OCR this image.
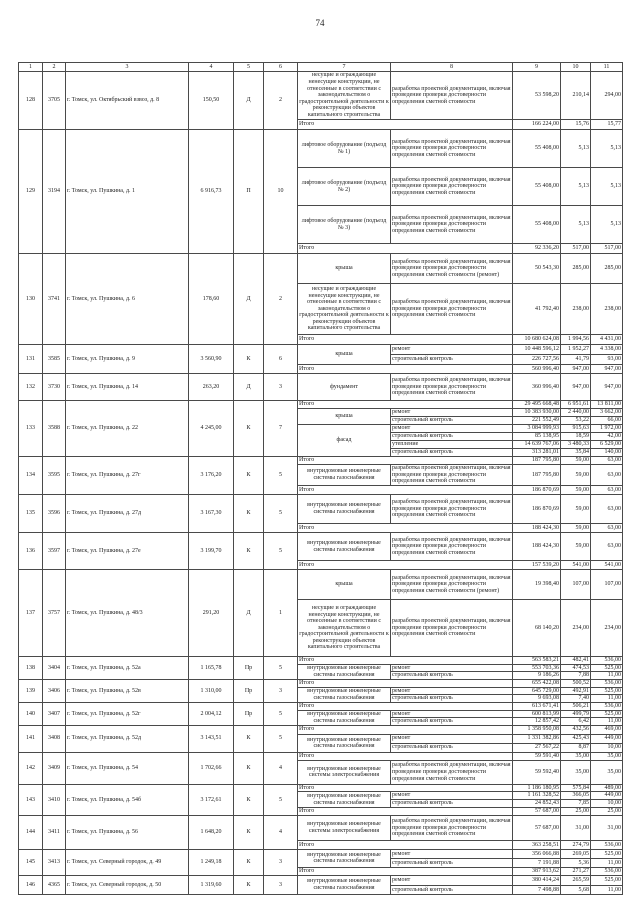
74
1	2	3	4	5	6	7	8	9	10	11
128	3705	г. Томск, ул. Октябрьский взвоз, д. 8	150,50	Д	2	несущие и ограждающие ненесущие конструкции, не отнесенные в соответствии с законодательством о градостроительной деятельности к реконструкции объектов капитального строительства	разработка проектной документации, включая проведение проверки достоверности определения сметной стоимости	53 598,20	210,14	294,00
						Итого		166 224,00	15,76	15,77
129	3194	г. Томск, ул. Пушкина, д. 1	6 916,73	П	10	лифтовое оборудование (подъезд № 1)	разработка проектной документации, включая проведение проверки достоверности определения сметной стоимости	55 408,00	5,13	5,13
						лифтовое оборудование (подъезд № 2)	разработка проектной документации, включая проведение проверки достоверности определения сметной стоимости	55 408,00	5,13	5,13
						лифтовое оборудование (подъезд № 3)	разработка проектной документации, включая проведение проверки достоверности определения сметной стоимости	55 408,00	5,13	5,13
						Итого		92 336,20	517,00	517,00
130	3741	г. Томск, ул. Пушкина, д. 6	178,60	Д	2	крыша	разработка проектной документации, включая проведение проверки достоверности определения сметной стоимости (ремонт)	50 543,30	285,00	285,00
						несущие и ограждающие ненесущие конструкции, не отнесенные в соответствии с законодательством о градостроительной деятельности к реконструкции объектов капитального строительства	разработка проектной документации, включая проведение проверки достоверности определения сметной стоимости	41 792,40	238,00	238,00
						Итого		10 680 624,08	1 994,56	4 431,00
131	3585	г. Томск, ул. Пушкина, д. 9	3 560,90	К	6	крыша	ремонт	10 448 596,12	1 952,27	4 338,00
							строительный контроль	226 727,56	41,79	93,00
						Итого		560 996,40	947,00	947,00
132	3730	г. Томск, ул. Пушкина, д. 14	263,20	Д	3	фундамент	разработка проектной документации, включая проведение проверки достоверности определения сметной стоимости	360 996,40	947,00	947,00
133	3588	г. Томск, ул. Пушкина, д. 22	4 245,00	К	7	Итого		29 495 668,48	6 951,61	13 811,00
						крыша	ремонт	10 383 930,00	2 440,00	3 662,00
							строительный контроль	221 552,49	53,22	66,00
						фасад	ремонт	3 084 999,93	915,63	1 972,00
							строительный контроль	85 138,95	18,59	42,00
							утепление	14 639 767,06	3 480,33	6 529,00
							строительный контроль	313 281,01	35,84	140,00
134	3595	г. Томск, ул. Пушкина, д. 27г	3 176,20	К	5	Итого		187 795,80	59,00	63,00
						внутридомовые инженерные системы газоснабжения	разработка проектной документации, включая проведение проверки достоверности определения сметной стоимости	187 795,80	59,00	63,00
						Итого		186 870,69	59,00	63,00
135	3596	г. Томск, ул. Пушкина, д. 27д	3 167,30	К	5	внутридомовые инженерные системы газоснабжения	разработка проектной документации, включая проведение проверки достоверности определения сметной стоимости	186 870,69	59,00	63,00
						Итого		188 424,30	59,00	63,00
136	3597	г. Томск, ул. Пушкина, д. 27е	3 199,70	К	5	внутридомовые инженерные системы газоснабжения	разработка проектной документации, включая проведение проверки достоверности определения сметной стоимости	188 424,30	59,00	63,00
						Итого		157 539,20	541,00	541,00
137	3757	г. Томск, ул. Пушкина, д. 48/3	291,20	Д	1	крыша	разработка проектной документации, включая проведение проверки достоверности определения сметной стоимости (ремонт)	19 398,40	107,00	107,00
						несущие и ограждающие ненесущие конструкции, не отнесенные в соответствии с законодательством о градостроительной деятельности к реконструкции объектов капитального строительства	разработка проектной документации, включая проведение проверки достоверности определения сметной стоимости	68 140,20	234,00	234,00
138	3404	г. Томск, ул. Пушкина, д. 52а	1 165,78	Пр	5	Итого		563 583,21	482,41	536,00
						внутридомовые инженерные системы газоснабжения	ремонт	553 703,36	474,53	525,00
							строительный контроль	9 186,26	7,88	11,00
139	3406	г. Томск, ул. Пушкина, д. 52в	1 310,00	Пр	3	Итого		655 422,08	500,52	536,00
						внутридомовые инженерные системы газоснабжения	ремонт	645 729,00	492,91	525,00
							строительный контроль	9 693,08	7,40	11,00
140	3407	г. Томск, ул. Пушкина, д. 52г	2 004,12	Пр	5	Итого		613 671,41	506,21	536,00
						внутридомовые инженерные системы газоснабжения	ремонт	600 813,99	499,79	525,00
							строительный контроль	12 857,42	6,42	11,00
141	3408	г. Томск, ул. Пушкина, д. 52д	3 143,51	К	5	Итого		1 358 950,08	432,56	469,00
						внутридомовые инженерные системы газоснабжения	ремонт	1 331 382,86	425,43	449,00
							строительный контроль	27 567,22	8,87	10,00
142	3409	г. Томск, ул. Пушкина, д. 54	1 702,66	К	4	Итого		59 591,40	35,00	35,00
						внутридомовые инженерные системы электроснабжения	разработка проектной документации, включая проведение проверки достоверности определения сметной стоимости	59 592,40	35,00	35,00
143	3410	г. Томск, ул. Пушкина, д. 54б	3 172,61	К	5	Итого		1 186 180,95	575,84	489,00
						внутридомовые инженерные системы газоснабжения	ремонт	1 161 328,52	366,05	449,00
							строительный контроль	24 852,43	7,85	10,00
						Итого		57 687,00	25,00	25,00
144	3411	г. Томск, ул. Пушкина, д. 56	1 648,20	К	4	внутридомовые инженерные системы электроснабжения	разработка проектной документации, включая проведение проверки достоверности определения сметной стоимости	57 687,00	31,00	31,00
						Итого		363 258,51	274,79	536,00
145	3413	г. Томск, ул. Северный городок, д. 49	1 249,18	К	3	внутридомовые инженерные системы газоснабжения	ремонт	356 066,88	269,05	525,00
							строительный контроль	7 191,88	5,36	11,00
						Итого		387 913,62	271,27	536,00
146	4365	г. Томск, ул. Северный городок, д. 50	1 319,60	К	3	внутридомовые инженерные системы газоснабжения	ремонт	380 414,24	265,59	525,00
							строительный контроль	7 498,88	5,68	11,00
